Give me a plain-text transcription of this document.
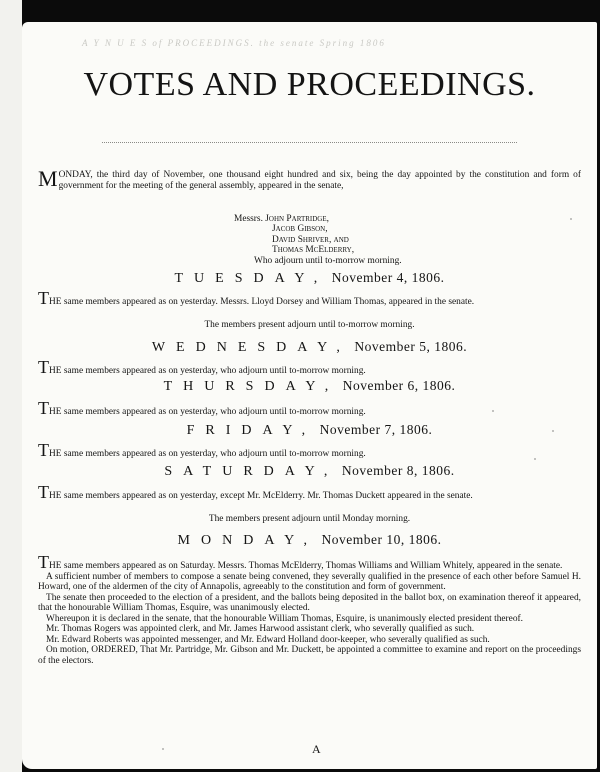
A Y N U E S of PROCEEDINGS. the senate Spring 1806
VOTES AND PROCEEDINGS.

MONDAY, the third day of November, one thousand eight hundred and six, being the day appointed by the constitution and form of government for the meeting of the general assembly, appeared in the senate,

Messrs. John Partridge,
Jacob Gibson,
David Shriver, and
Thomas McElderry,
Who adjourn until to-morrow morning.
TUESDAY, November 4, 1806.

THE same members appeared as on yesterday. Messrs. Lloyd Dorsey and William Thomas, appeared in the senate.

The members present adjourn until to-morrow morning.
WEDNESDAY, November 5, 1806.

THE same members appeared as on yesterday, who adjourn until to-morrow morning.

THURSDAY, November 6, 1806.

THE same members appeared as on yesterday, who adjourn until to-morrow morning.

FRIDAY, November 7, 1806.

THE same members appeared as on yesterday, who adjourn until to-morrow morning.

SATURDAY, November 8, 1806.

THE same members appeared as on yesterday, except Mr. McElderry. Mr. Thomas Duckett appeared in the senate.

The members present adjourn until Monday morning.
MONDAY, November 10, 1806.

THE same members appeared as on Saturday. Messrs. Thomas McElderry, Thomas Williams and William Whitely, appeared in the senate.

A sufficient number of members to compose a senate being convened, they severally qualified in the presence of each other before Samuel H. Howard, one of the aldermen of the city of Annapolis, agreeably to the constitution and form of government.

The senate then proceeded to the election of a president, and the ballots being deposited in the ballot box, on examination thereof it appeared, that the honourable William Thomas, Esquire, was unanimously elected.

Whereupon it is declared in the senate, that the honourable William Thomas, Esquire, is unanimously elected president thereof.

Mr. Thomas Rogers was appointed clerk, and Mr. James Harwood assistant clerk, who severally qualified as such.

Mr. Edward Roberts was appointed messenger, and Mr. Edward Holland door-keeper, who severally qualified as such.

On motion, ORDERED, That Mr. Partridge, Mr. Gibson and Mr. Duckett, be appointed a committee to examine and report on the proceedings of the electors.

A
